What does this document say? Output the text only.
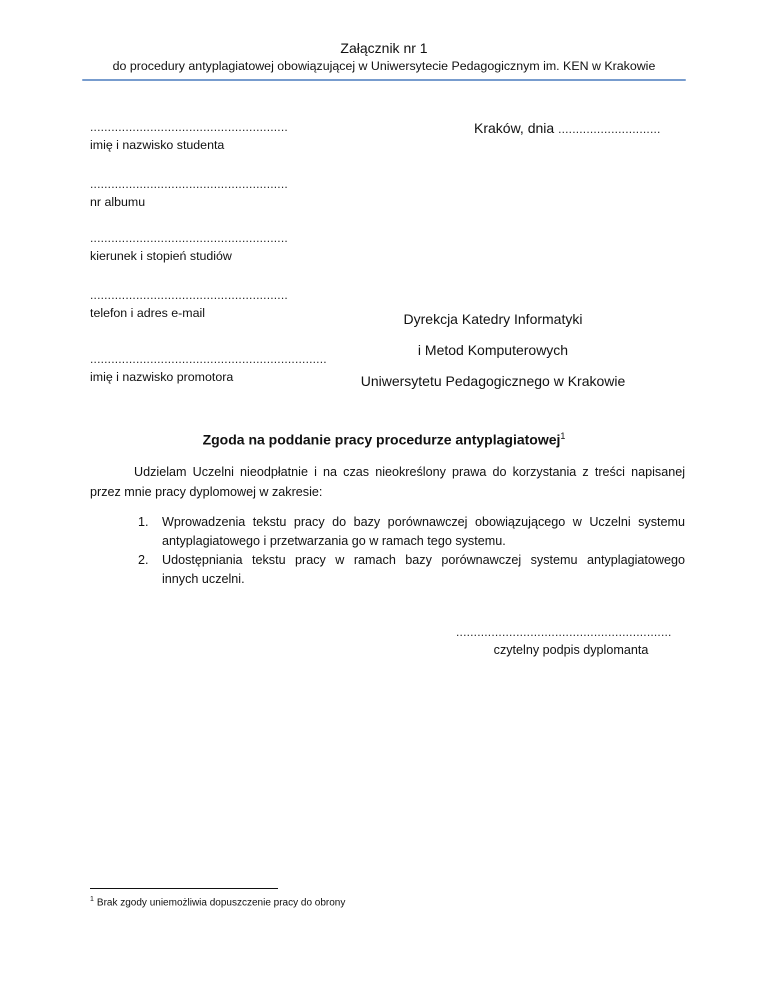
Załącznik nr 1
do procedury antyplagiatowej obowiązującej w Uniwersytecie Pedagogicznym im. KEN w Krakowie
........................................................
imię i nazwisko studenta
........................................................
nr albumu
........................................................
kierunek i stopień studiów
........................................................
telefon i adres e-mail
...................................................................
imię i nazwisko promotora
Kraków, dnia .............................
Dyrekcja Katedry Informatyki
i Metod Komputerowych
Uniwersytetu Pedagogicznego w Krakowie
Zgoda na poddanie pracy procedurze antyplagiatowej$^1$
Udzielam Uczelni nieodpłatnie i na czas nieokreślony prawa do korzystania z treści napisanej
przez mnie pracy dyplomowej w zakresie:
1. Wprowadzenia tekstu pracy do bazy porównawczej obowiązującego w Uczelni systemu
antyplagiatowego i przetwarzania go w ramach tego systemu.
2. Udostępniania tekstu pracy w ramach bazy porównawczej systemu antyplagiatowego
innych uczelni.
.............................................................
czytelny podpis dyplomanta
$^1$ Brak zgody uniemożliwia dopuszczenie pracy do obrony
